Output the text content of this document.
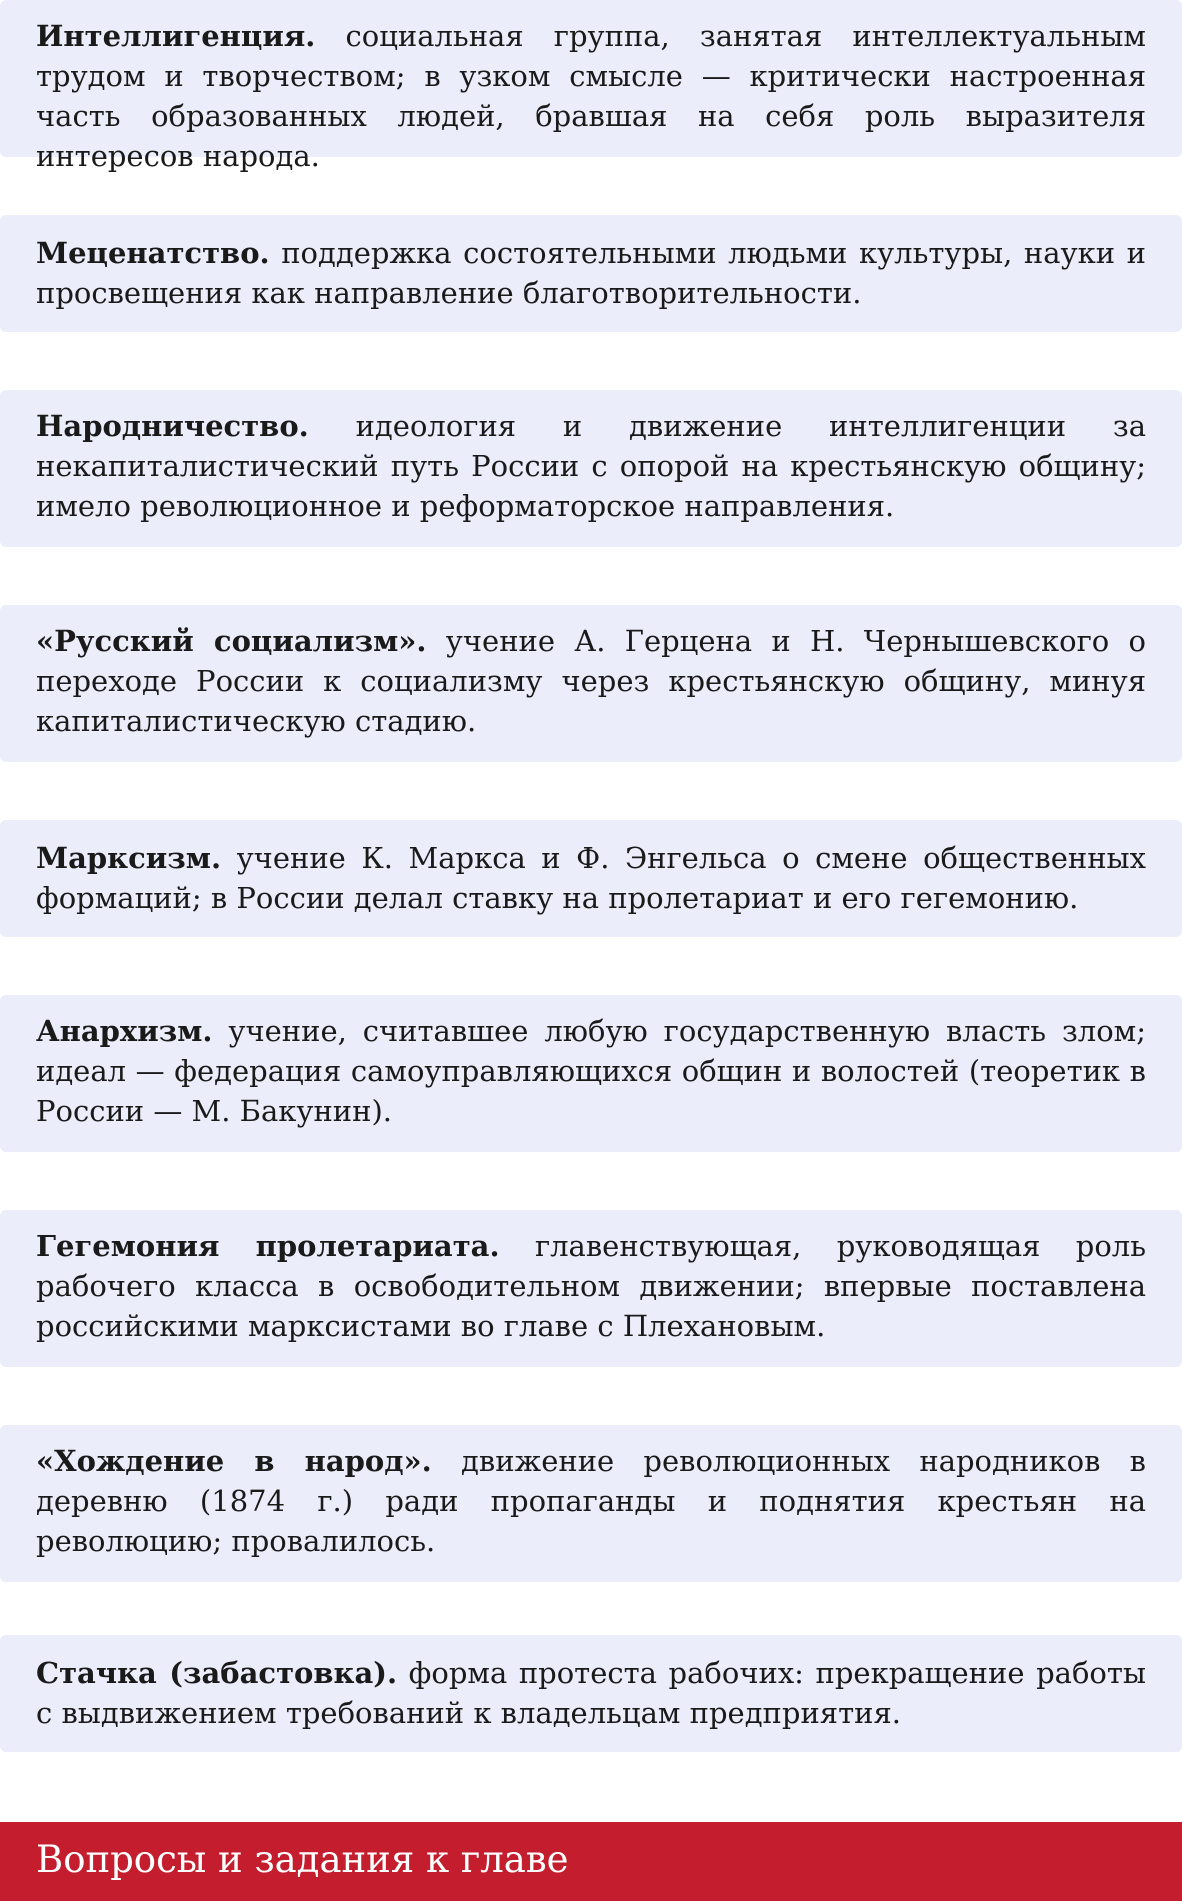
Интеллигенция. социальная группа, занятая интеллектуальным трудом и творчеством; в узком смысле — критически настроенная часть образованных людей, бравшая на себя роль выразителя интересов народа.

Меценатство. поддержка состоятельными людьми культуры, науки и просвещения как направление благотворительности.

Народничество. идеология и движение интеллигенции за некапиталистический путь России с опорой на крестьянскую общину; имело революционное и реформаторское направления.

«Русский социализм». учение А. Герцена и Н. Чернышевского о переходе России к социализму через крестьянскую общину, минуя капиталистическую стадию.

Марксизм. учение К. Маркса и Ф. Энгельса о смене общественных формаций; в России делал ставку на пролетариат и его гегемонию.

Анархизм. учение, считавшее любую государственную власть злом; идеал — федерация самоуправляющихся общин и волостей (теоретик в России — М. Бакунин).

Гегемония пролетариата. главенствующая, руководящая роль рабочего класса в освободительном движении; впервые поставлена российскими марксистами во главе с Плехановым.

«Хождение в народ». движение революционных народников в деревню (1874 г.) ради пропаганды и поднятия крестьян на революцию; провалилось.

Стачка (забастовка). форма протеста рабочих: прекращение работы с выдвижением требований к владельцам предприятия.

Вопросы и задания к главе
